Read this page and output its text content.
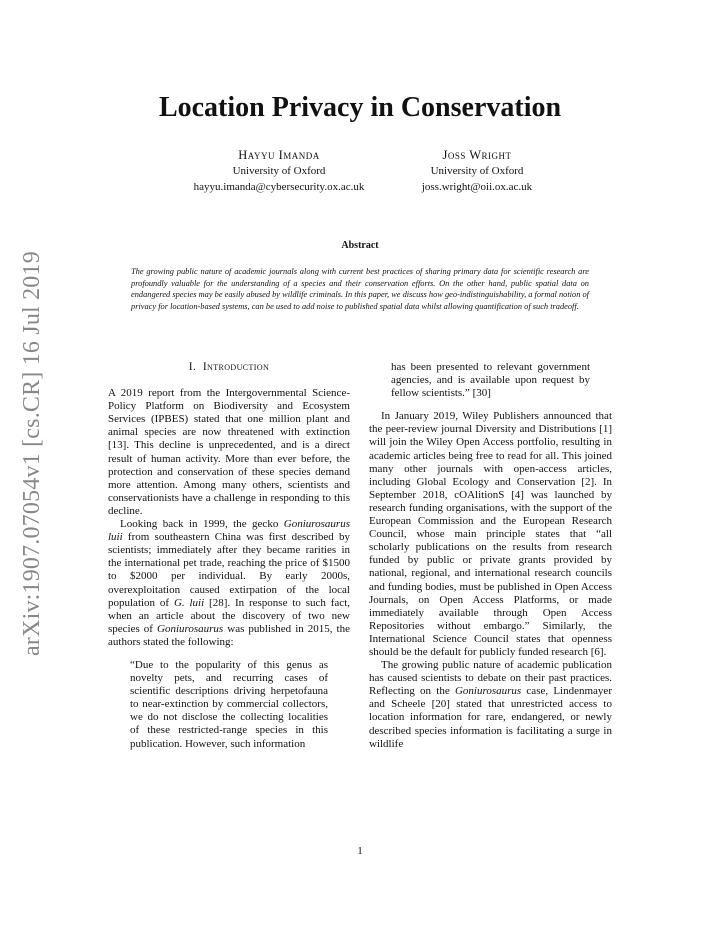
arXiv:1907.07054v1 [cs.CR] 16 Jul 2019
Location Privacy in Conservation
Hayyu Imanda
University of Oxford
hayyu.imanda@cybersecurity.ox.ac.uk
Joss Wright
University of Oxford
joss.wright@oii.ox.ac.uk
Abstract
The growing public nature of academic journals along with current best practices of sharing primary data for scientific research are profoundly valuable for the understanding of a species and their conservation efforts. On the other hand, public spatial data on endangered species may be easily abused by wildlife criminals. In this paper, we discuss how geo-indistinguishability, a formal notion of privacy for location-based systems, can be used to add noise to published spatial data whilst allowing quantification of such tradeoff.
I. Introduction

A 2019 report from the Intergovernmental Science-Policy Platform on Biodiversity and Ecosystem Services (IPBES) stated that one million plant and animal species are now threatened with extinction [13]. This decline is unprecedented, and is a direct result of human activity. More than ever before, the protection and conservation of these species demand more attention. Among many others, scientists and conservationists have a challenge in responding to this decline.

Looking back in 1999, the gecko Goniurosaurus luii from southeastern China was first described by scientists; immediately after they became rarities in the international pet trade, reaching the price of $1500 to $2000 per individual. By early 2000s, overexploitation caused extirpation of the local population of G. luii [28]. In response to such fact, when an article about the discovery of two new species of Goniurosaurus was published in 2015, the authors stated the following:

“Due to the popularity of this genus as novelty pets, and recurring cases of scientific descriptions driving herpetofauna to near-extinction by commercial collectors, we do not disclose the collecting localities of these restricted-range species in this publication. However, such information

has been presented to relevant government agencies, and is available upon request by fellow scientists.” [30]

In January 2019, Wiley Publishers announced that the peer-review journal Diversity and Distributions [1] will join the Wiley Open Access portfolio, resulting in academic articles being free to read for all. This joined many other journals with open-access articles, including Global Ecology and Conservation [2]. In September 2018, cOAlitionS [4] was launched by research funding organisations, with the support of the European Commission and the European Research Council, whose main principle states that “all scholarly publications on the results from research funded by public or private grants provided by national, regional, and international research councils and funding bodies, must be published in Open Access Journals, on Open Access Platforms, or made immediately available through Open Access Repositories without embargo.” Similarly, the International Science Council states that openness should be the default for publicly funded research [6].

The growing public nature of academic publication has caused scientists to debate on their past practices. Reflecting on the Goniurosaurus case, Lindenmayer and Scheele [20] stated that unrestricted access to location information for rare, endangered, or newly described species information is facilitating a surge in wildlife

1
